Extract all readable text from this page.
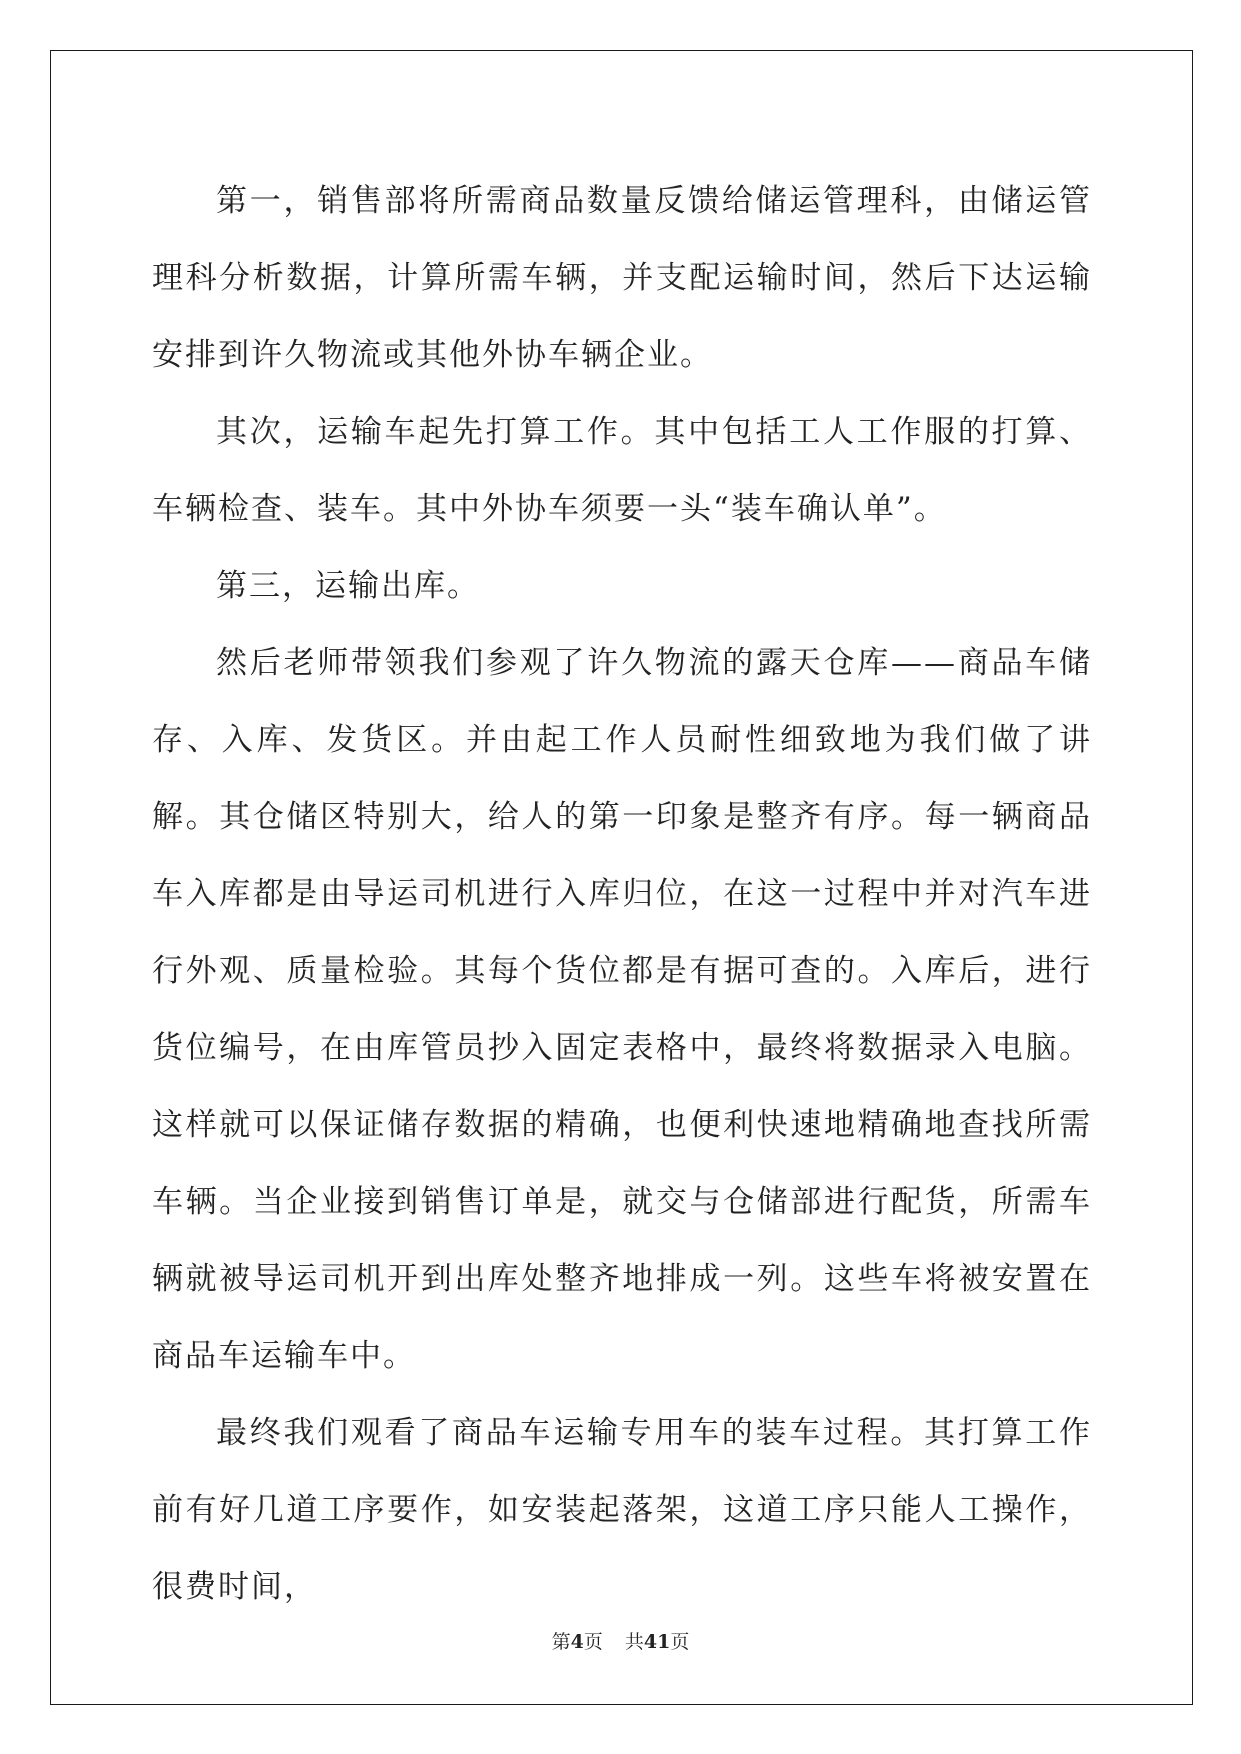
第一，销售部将所需商品数量反馈给储运管理科，由储运管理科分析数据，计算所需车辆，并支配运输时间，然后下达运输安排到许久物流或其他外协车辆企业。

其次，运输车起先打算工作。其中包括工人工作服的打算、车辆检查、装车。其中外协车须要一头“装车确认单”。

第三，运输出库。

然后老师带领我们参观了许久物流的露天仓库——商品车储存、入库、发货区。并由起工作人员耐性细致地为我们做了讲解。其仓储区特别大，给人的第一印象是整齐有序。每一辆商品车入库都是由导运司机进行入库归位，在这一过程中并对汽车进行外观、质量检验。其每个货位都是有据可查的。入库后，进行货位编号，在由库管员抄入固定表格中，最终将数据录入电脑。这样就可以保证储存数据的精确，也便利快速地精确地查找所需车辆。当企业接到销售订单是，就交与仓储部进行配货，所需车辆就被导运司机开到出库处整齐地排成一列。这些车将被安置在商品车运输车中。

最终我们观看了商品车运输专用车的装车过程。其打算工作前有好几道工序要作，如安装起落架，这道工序只能人工操作，很费时间，

第4页 共41页
